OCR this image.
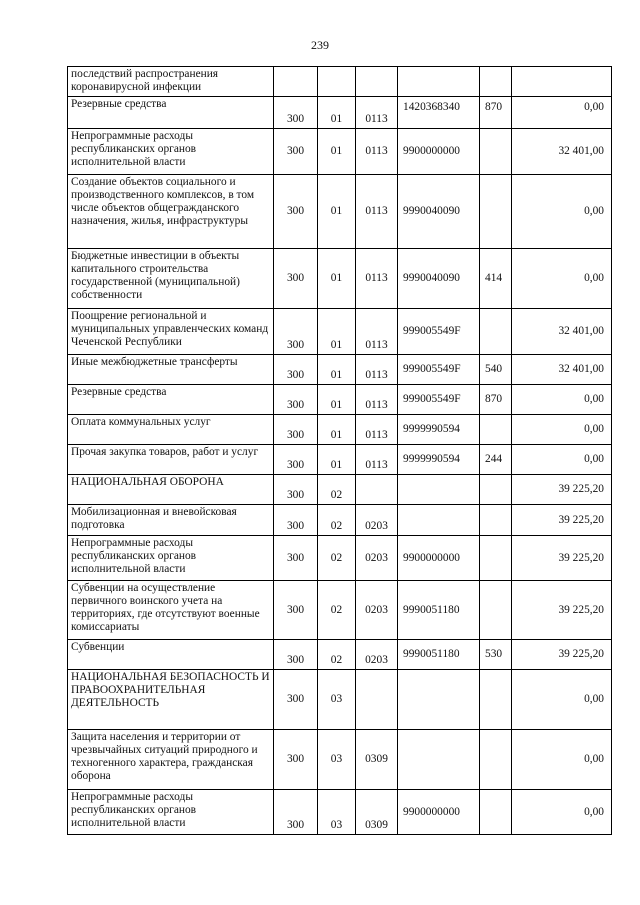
239
последствий распространения коронавирусной инфекции						
Резервные средства	300	01	0113	1420368340	870	0,00
Непрограммные расходы республиканских органов исполнительной власти	300	01	0113	9900000000		32 401,00
Создание объектов социального и производственного комплексов, в том числе объектов общегражданского назначения, жилья, инфраструктуры	300	01	0113	9990040090		0,00
Бюджетные инвестиции в объекты капитального строительства государственной (муниципальной) собственности	300	01	0113	9990040090	414	0,00
Поощрение региональной и муниципальных управленческих команд Чеченской Республики	300	01	0113	999005549F		32 401,00
Иные межбюджетные трансферты	300	01	0113	999005549F	540	32 401,00
Резервные средства	300	01	0113	999005549F	870	0,00
Оплата коммунальных услуг	300	01	0113	9999990594		0,00
Прочая закупка товаров, работ и услуг	300	01	0113	9999990594	244	0,00
НАЦИОНАЛЬНАЯ ОБОРОНА	300	02				39 225,20
Мобилизационная и вневойсковая подготовка	300	02	0203			39 225,20
Непрограммные расходы республиканских органов исполнительной власти	300	02	0203	9900000000		39 225,20
Субвенции на осуществление первичного воинского учета на территориях, где отсутствуют военные комиссариаты	300	02	0203	9990051180		39 225,20
Субвенции	300	02	0203	9990051180	530	39 225,20
НАЦИОНАЛЬНАЯ БЕЗОПАСНОСТЬ И ПРАВООХРАНИТЕЛЬНАЯ ДЕЯТЕЛЬНОСТЬ	300	03				0,00
Защита населения и территории от чрезвычайных ситуаций природного и техногенного характера, гражданская оборона	300	03	0309			0,00
Непрограммные расходы республиканских органов исполнительной власти	300	03	0309	9900000000		0,00
